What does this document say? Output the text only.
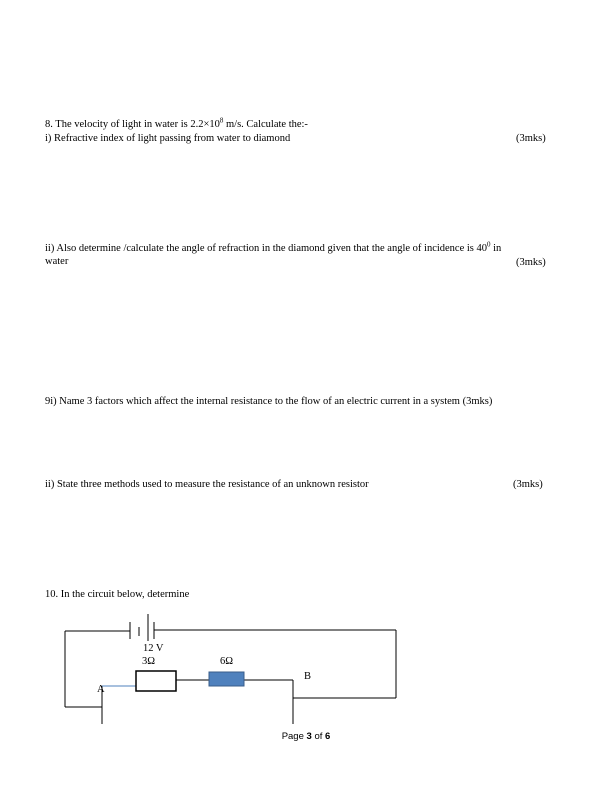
8. The velocity of light in water is $2.2\times 10^8$ m/s. Calculate the:-
i) Refractive index of light passing from water to diamond	(3mks)
ii) Also determine /calculate the angle of refraction in the diamond given that the angle of incidence is $40^0$ in
water	(3mks)
9i) Name 3 factors which affect the internal resistance to the flow of an electric current in a system (3mks)
ii) State three methods used to measure the resistance of an unknown resistor	(3mks)
10. In the circuit below, determine
12 V
3Ω	6Ω
A
B
Page 3 of 6
